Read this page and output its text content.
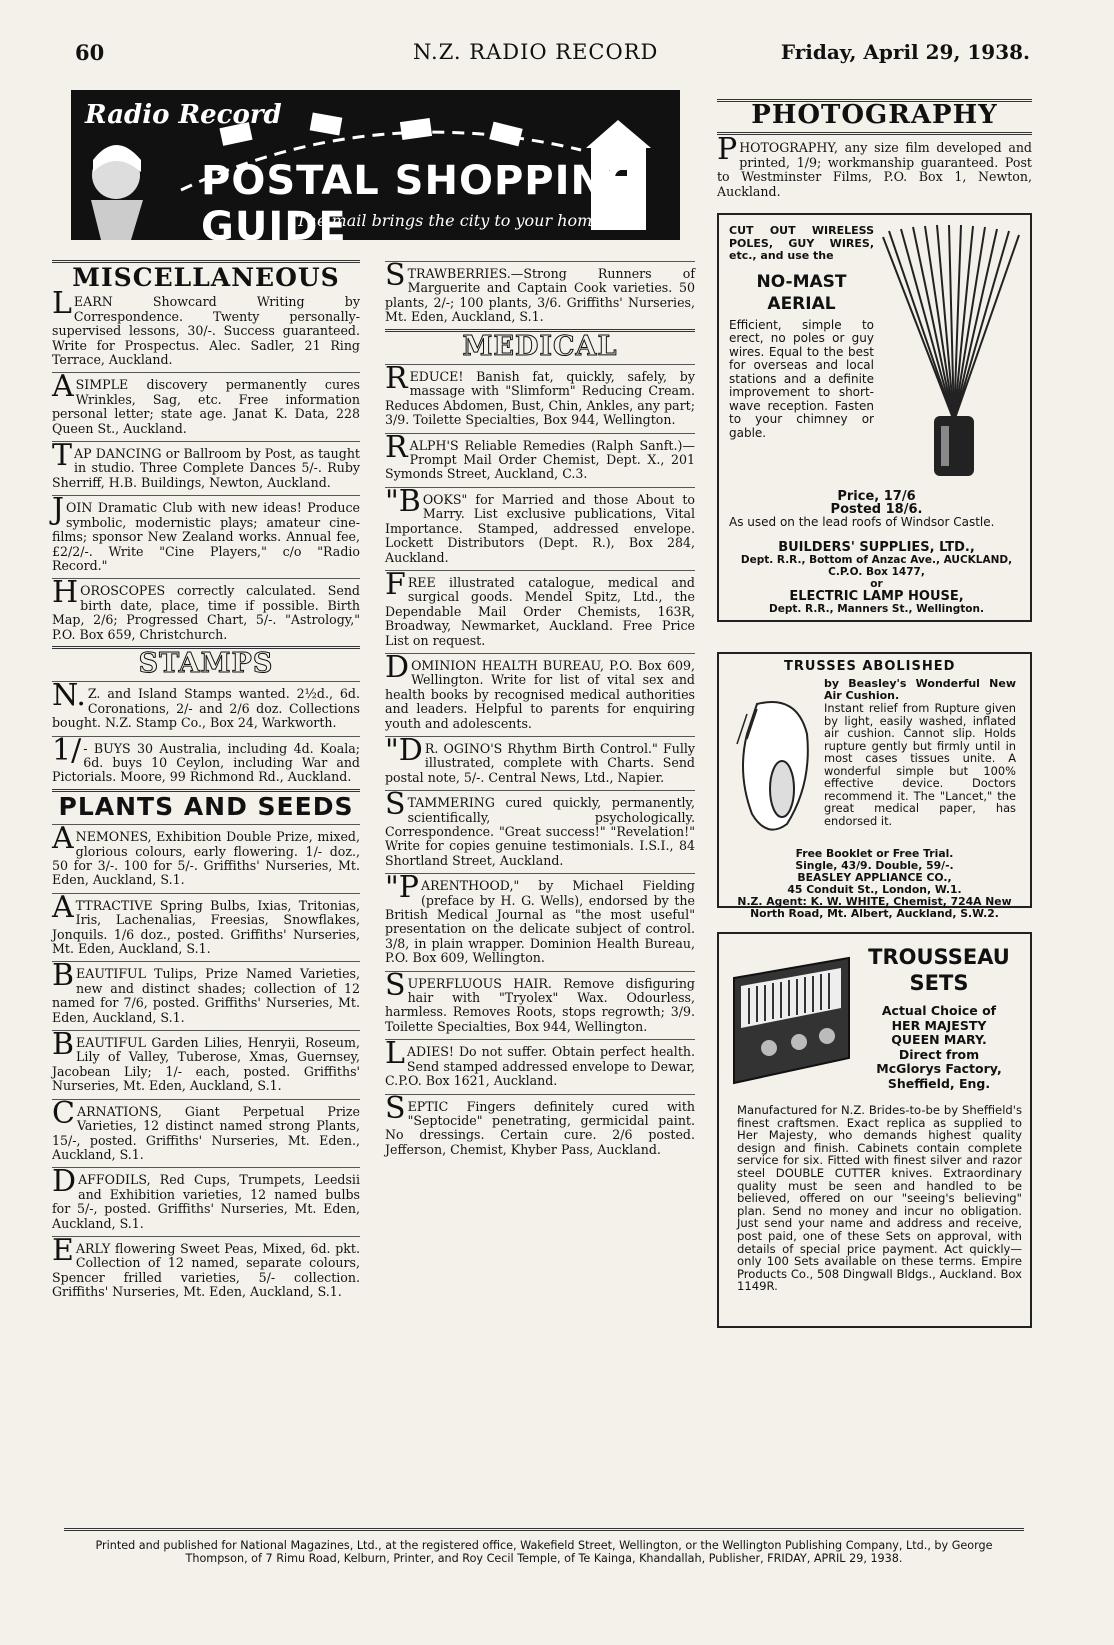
60	N.Z. RADIO RECORD	Friday, April 29, 1938.
Radio Record
POSTAL SHOPPING GUIDE
The mail brings the city to your home
MISCELLANEOUS

LEARN Showcard Writing by Correspondence. Twenty personally-supervised lessons, 30/-. Success guaranteed. Write for Prospectus. Alec. Sadler, 21 Ring Terrace, Auckland.

ASIMPLE discovery permanently cures Wrinkles, Sag, etc. Free information personal letter; state age. Janat K. Data, 228 Queen St., Auckland.

TAP DANCING or Ballroom by Post, as taught in studio. Three Complete Dances 5/-. Ruby Sherriff, H.B. Buildings, Newton, Auckland.

JOIN Dramatic Club with new ideas! Produce symbolic, modernistic plays; amateur cine-films; sponsor New Zealand works. Annual fee, £2/2/-. Write "Cine Players," c/o "Radio Record."

HOROSCOPES correctly calculated. Send birth date, place, time if possible. Birth Map, 2/6; Progressed Chart, 5/-. "Astrology," P.O. Box 659, Christchurch.

STAMPS

N.Z. and Island Stamps wanted. 2½d., 6d. Coronations, 2/- and 2/6 doz. Collections bought. N.Z. Stamp Co., Box 24, Warkworth.

1/- BUYS 30 Australia, including 4d. Koala; 6d. buys 10 Ceylon, including War and Pictorials. Moore, 99 Richmond Rd., Auckland.

PLANTS AND SEEDS

ANEMONES, Exhibition Double Prize, mixed, glorious colours, early flowering. 1/- doz., 50 for 3/-. 100 for 5/-. Griffiths' Nurseries, Mt. Eden, Auckland, S.1.

ATTRACTIVE Spring Bulbs, Ixias, Tritonias, Iris, Lachenalias, Freesias, Snowflakes, Jonquils. 1/6 doz., posted. Griffiths' Nurseries, Mt. Eden, Auckland, S.1.

BEAUTIFUL Tulips, Prize Named Varieties, new and distinct shades; collection of 12 named for 7/6, posted. Griffiths' Nurseries, Mt. Eden, Auckland, S.1.

BEAUTIFUL Garden Lilies, Henryii, Roseum, Lily of Valley, Tuberose, Xmas, Guernsey, Jacobean Lily; 1/- each, posted. Griffiths' Nurseries, Mt. Eden, Auckland, S.1.

CARNATIONS, Giant Perpetual Prize Varieties, 12 distinct named strong Plants, 15/-, posted. Griffiths' Nurseries, Mt. Eden., Auckland, S.1.

DAFFODILS, Red Cups, Trumpets, Leedsii and Exhibition varieties, 12 named bulbs for 5/-, posted. Griffiths' Nurseries, Mt. Eden, Auckland, S.1.

EARLY flowering Sweet Peas, Mixed, 6d. pkt. Collection of 12 named, separate colours, Spencer frilled varieties, 5/- collection. Griffiths' Nurseries, Mt. Eden, Auckland, S.1.

STRAWBERRIES.—Strong Runners of Marguerite and Captain Cook varieties. 50 plants, 2/-; 100 plants, 3/6. Griffiths' Nurseries, Mt. Eden, Auckland, S.1.

MEDICAL

REDUCE! Banish fat, quickly, safely, by massage with "Slimform" Reducing Cream. Reduces Abdomen, Bust, Chin, Ankles, any part; 3/9. Toilette Specialties, Box 944, Wellington.

RALPH'S Reliable Remedies (Ralph Sanft.)—Prompt Mail Order Chemist, Dept. X., 201 Symonds Street, Auckland, C.3.

"BOOKS" for Married and those About to Marry. List exclusive publications, Vital Importance. Stamped, addressed envelope. Lockett Distributors (Dept. R.), Box 284, Auckland.

FREE illustrated catalogue, medical and surgical goods. Mendel Spitz, Ltd., the Dependable Mail Order Chemists, 163R, Broadway, Newmarket, Auckland. Free Price List on request.

DOMINION HEALTH BUREAU, P.O. Box 609, Wellington. Write for list of vital sex and health books by recognised medical authorities and leaders. Helpful to parents for enquiring youth and adolescents.

"DR. OGINO'S Rhythm Birth Control." Fully illustrated, complete with Charts. Send postal note, 5/-. Central News, Ltd., Napier.

STAMMERING cured quickly, permanently, scientifically, psychologically. Correspondence. "Great success!" "Revelation!" Write for copies genuine testimonials. I.S.I., 84 Shortland Street, Auckland.

"PARENTHOOD," by Michael Fielding (preface by H. G. Wells), endorsed by the British Medical Journal as "the most useful" presentation on the delicate subject of control. 3/8, in plain wrapper. Dominion Health Bureau, P.O. Box 609, Wellington.

SUPERFLUOUS HAIR. Remove disfiguring hair with "Tryolex" Wax. Odourless, harmless. Removes Roots, stops regrowth; 3/9. Toilette Specialties, Box 944, Wellington.

LADIES! Do not suffer. Obtain perfect health. Send stamped addressed envelope to Dewar, C.P.O. Box 1621, Auckland.

SEPTIC Fingers definitely cured with "Septocide" penetrating, germicidal paint. No dressings. Certain cure. 2/6 posted. Jefferson, Chemist, Khyber Pass, Auckland.

PHOTOGRAPHY

PHOTOGRAPHY, any size film developed and printed, 1/9; workmanship guaranteed. Post to Westminster Films, P.O. Box 1, Newton, Auckland.

CUT OUT WIRELESS POLES, GUY WIRES, etc., and use the
NO-MAST
AERIAL
Efficient, simple to erect, no poles or guy wires. Equal to the best for overseas and local stations and a definite improvement to short-wave reception. Fasten to your chimney or gable.
Price, 17/6
Posted 18/6.
As used on the lead roofs of Windsor Castle.
BUILDERS' SUPPLIES, LTD.,
Dept. R.R., Bottom of Anzac Ave., AUCKLAND, C.P.O. Box 1477,
or
ELECTRIC LAMP HOUSE,
Dept. R.R., Manners St., Wellington.
TRUSSES ABOLISHED
by Beasley's Wonderful New Air Cushion.
Instant relief from Rupture given by light, easily washed, inflated air cushion. Cannot slip. Holds rupture gently but firmly until in most cases tissues unite. A wonderful simple but 100% effective device. Doctors recommend it. The "Lancet," the great medical paper, has endorsed it.
Free Booklet or Free Trial.
Single, 43/9. Double, 59/-.
BEASLEY APPLIANCE CO.,
45 Conduit St., London, W.1.
N.Z. Agent: K. W. WHITE, Chemist, 724A New North Road, Mt. Albert, Auckland, S.W.2.
TROUSSEAU SETS
Actual Choice of
HER MAJESTY
QUEEN MARY.
Direct from
McGlorys Factory,
Sheffield, Eng.
Manufactured for N.Z. Brides-to-be by Sheffield's finest craftsmen. Exact replica as supplied to Her Majesty, who demands highest quality design and finish. Cabinets contain complete service for six. Fitted with finest silver and razor steel DOUBLE CUTTER knives. Extraordinary quality must be seen and handled to be believed, offered on our "seeing's believing" plan. Send no money and incur no obligation. Just send your name and address and receive, post paid, one of these Sets on approval, with details of special price payment. Act quickly—only 100 Sets available on these terms. Empire Products Co., 508 Dingwall Bldgs., Auckland. Box 1149R.
Printed and published for National Magazines, Ltd., at the registered office, Wakefield Street, Wellington, or the Wellington Publishing Company, Ltd., by George Thompson, of 7 Rimu Road, Kelburn, Printer, and Roy Cecil Temple, of Te Kainga, Khandallah, Publisher, FRIDAY, APRIL 29, 1938.
